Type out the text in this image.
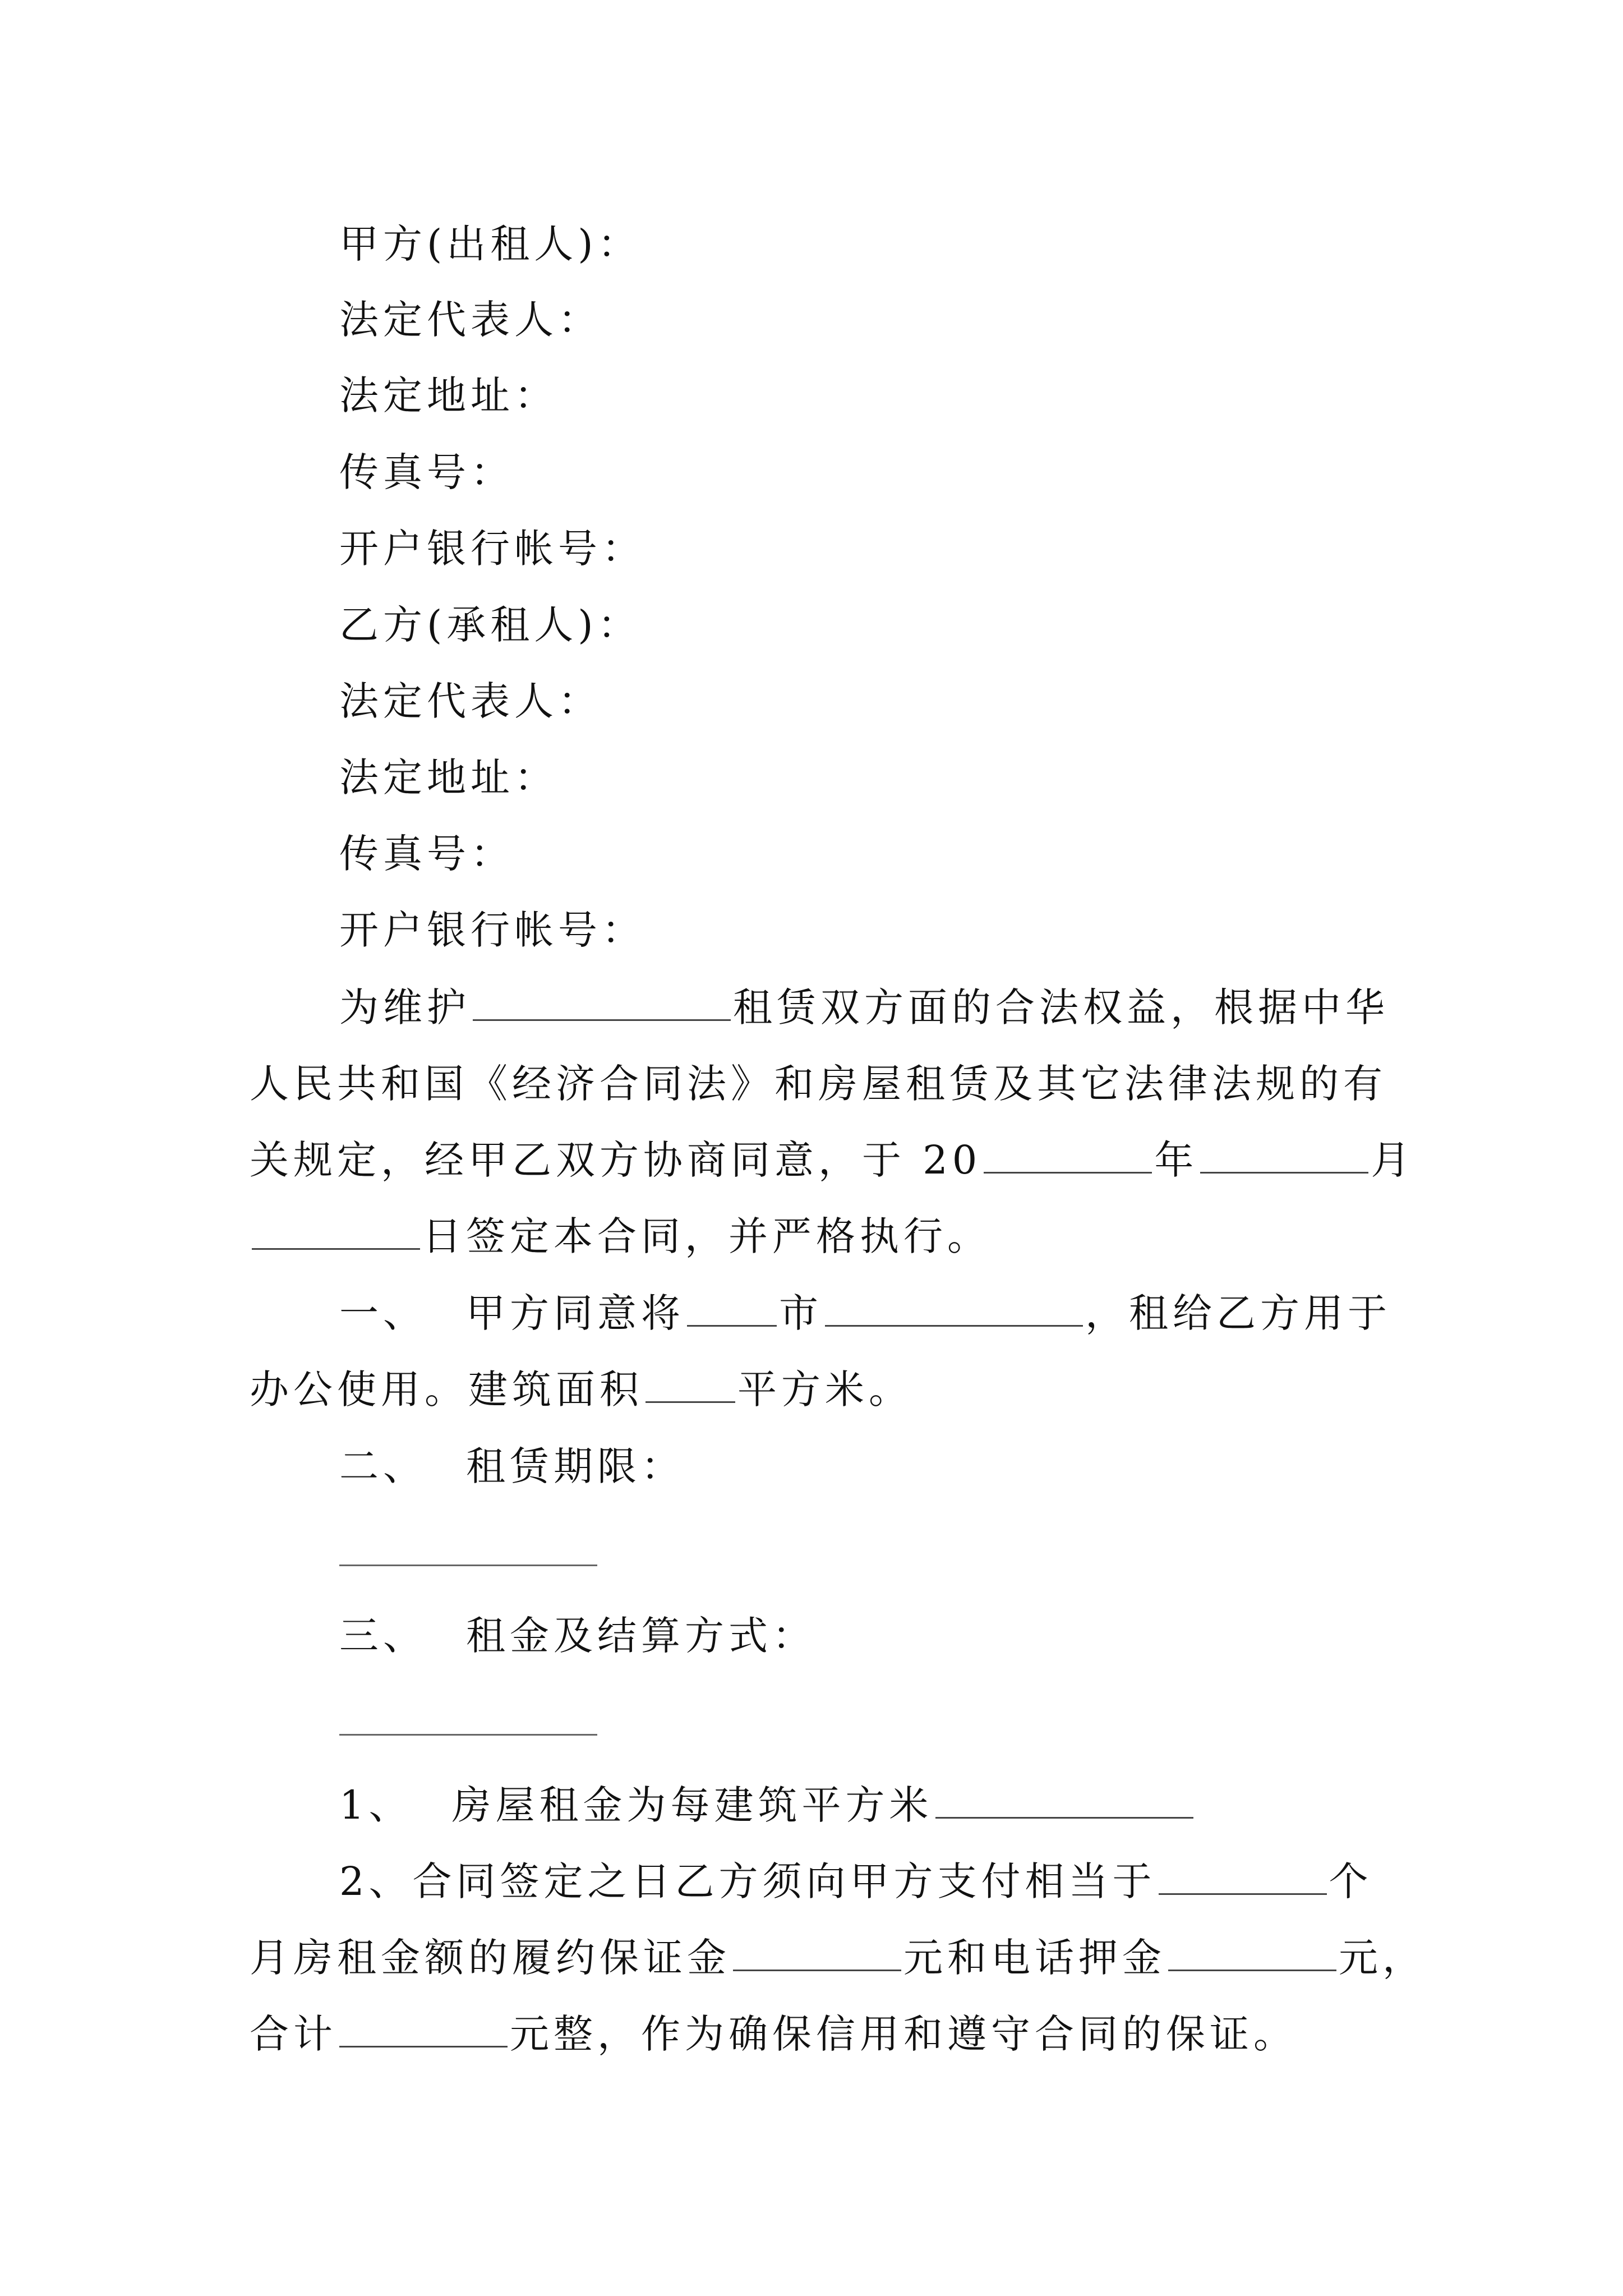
甲方(出租人)：
法定代表人：
法定地址：
传真号：
开户银行帐号：
乙方(承租人)：
法定代表人：
法定地址：
传真号：
开户银行帐号：
为维护	租赁双方面的合法权益，根据中华
人民共和国《经济合同法》和房屋租赁及其它法律法规的有
关规定，经甲乙双方协商同意，于 20	年	月
日签定本合同，并严格执行。
一、 甲方同意将 市	，租给乙方用于
办公使用。建筑面积 平方米。
二、 租赁期限：
三、 租金及结算方式：
1、 房屋租金为每建筑平方米
2、合同签定之日乙方须向甲方支付相当于	个
月房租金额的履约保证金	元和电话押金	元，
合计	元整，作为确保信用和遵守合同的保证。
